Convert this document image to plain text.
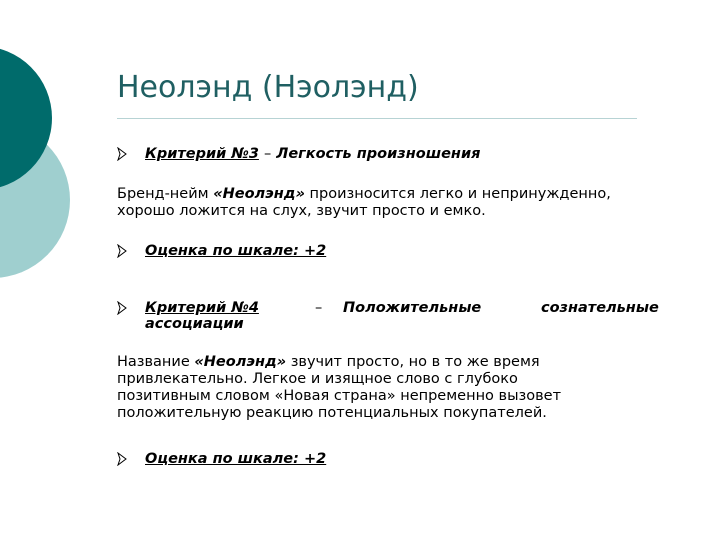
Неолэнд (Нэолэнд)
Критерий №3 – Легкость произношения

Бренд-нейм «Неолэнд» произносится легко и непринужденно,
хорошо ложится на слух, звучит просто и емко.

Оценка по шкале: +2
Критерий №4	– Положительные	сознательные
ассоциации

Название «Неолэнд» звучит просто, но в то же время
привлекательно. Легкое и изящное слово с глубоко
позитивным словом «Новая страна» непременно вызовет
положительную реакцию потенциальных покупателей.

Оценка по шкале: +2
